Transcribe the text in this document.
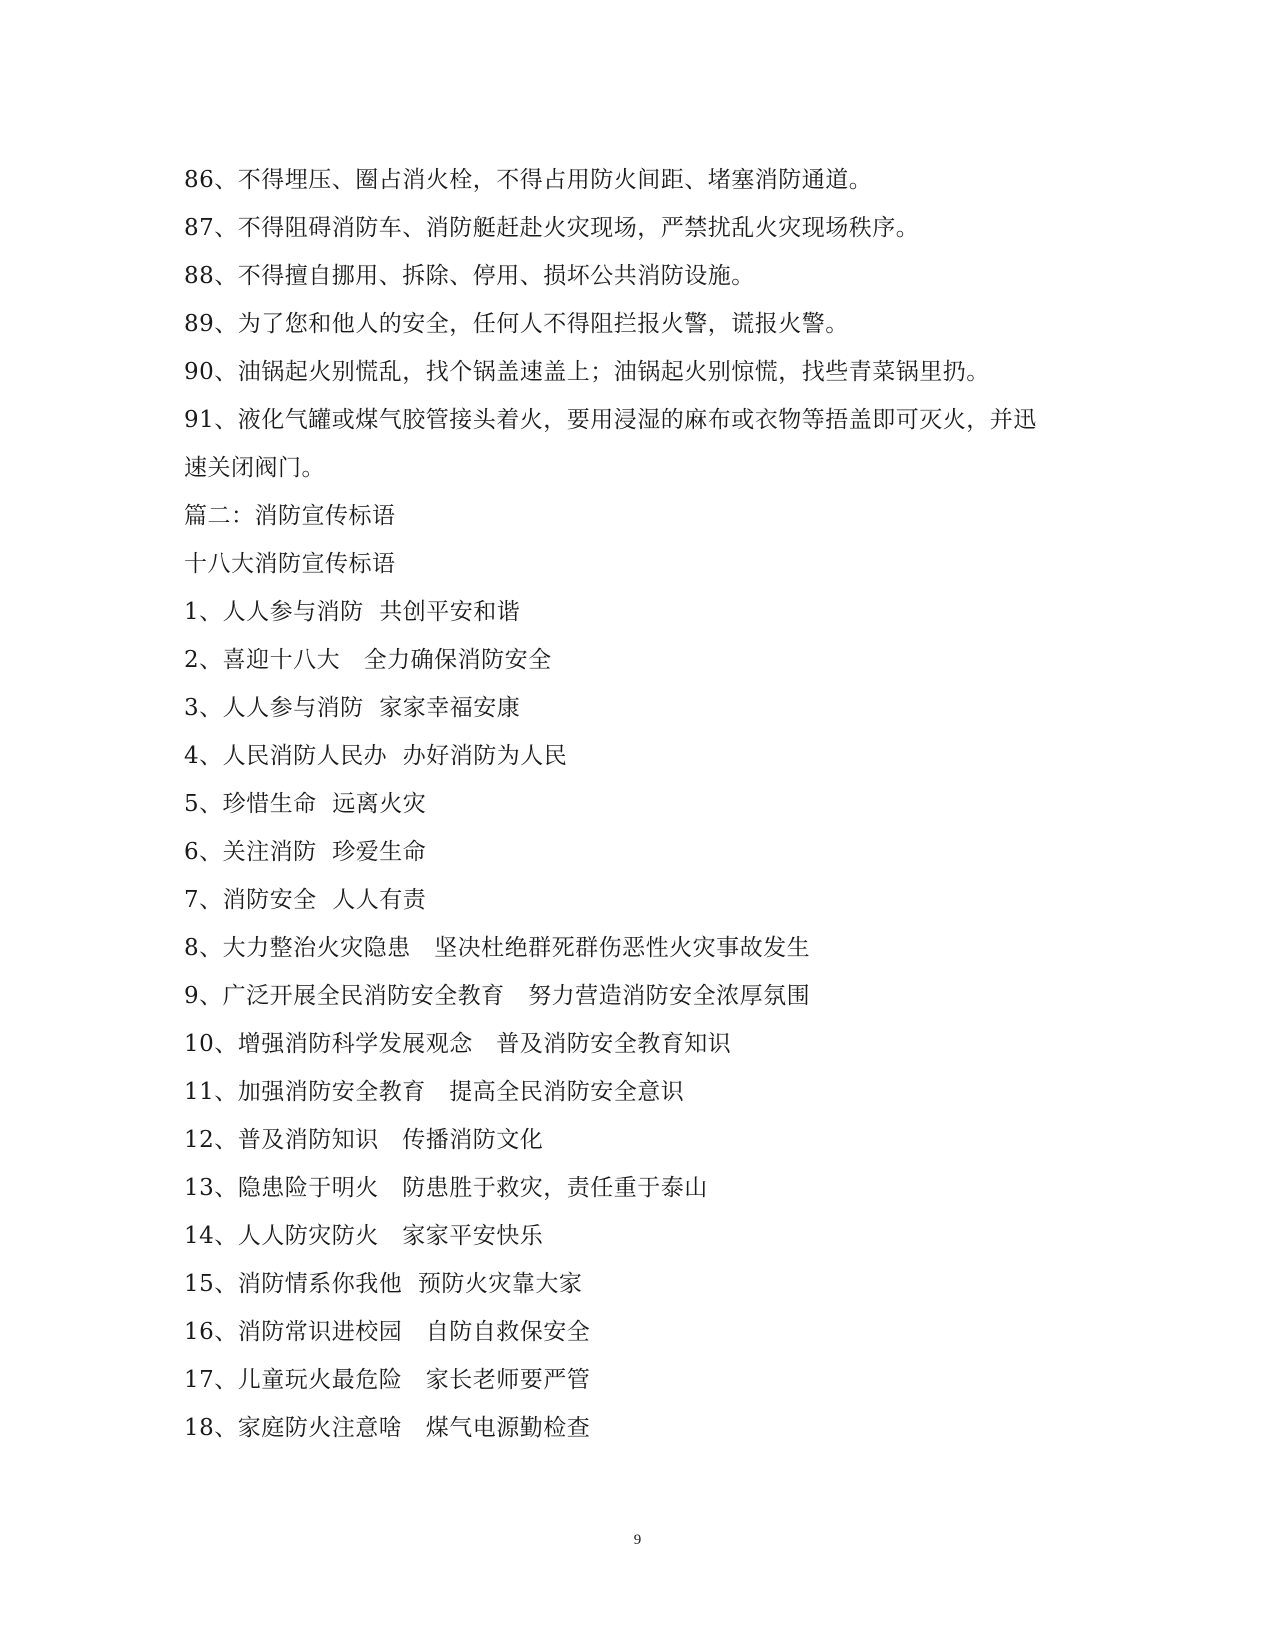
86、不得埋压、圈占消火栓，不得占用防火间距、堵塞消防通道。
87、不得阻碍消防车、消防艇赶赴火灾现场，严禁扰乱火灾现场秩序。
88、不得擅自挪用、拆除、停用、损坏公共消防设施。
89、为了您和他人的安全，任何人不得阻拦报火警，谎报火警。
90、油锅起火别慌乱，找个锅盖速盖上；油锅起火别惊慌，找些青菜锅里扔。
91、液化气罐或煤气胶管接头着火，要用浸湿的麻布或衣物等捂盖即可灭火，并迅
速关闭阀门。
篇二：消防宣传标语
十八大消防宣传标语
1、人人参与消防  共创平安和谐
2、喜迎十八大   全力确保消防安全
3、人人参与消防  家家幸福安康
4、人民消防人民办  办好消防为人民
5、珍惜生命  远离火灾
6、关注消防  珍爱生命
7、消防安全  人人有责
8、大力整治火灾隐患   坚决杜绝群死群伤恶性火灾事故发生
9、广泛开展全民消防安全教育   努力营造消防安全浓厚氛围
10、增强消防科学发展观念   普及消防安全教育知识
11、加强消防安全教育   提高全民消防安全意识
12、普及消防知识   传播消防文化
13、隐患险于明火   防患胜于救灾，责任重于泰山
14、人人防灾防火   家家平安快乐
15、消防情系你我他  预防火灾靠大家
16、消防常识进校园   自防自救保安全
17、儿童玩火最危险   家长老师要严管
18、家庭防火注意啥   煤气电源勤检查
9
